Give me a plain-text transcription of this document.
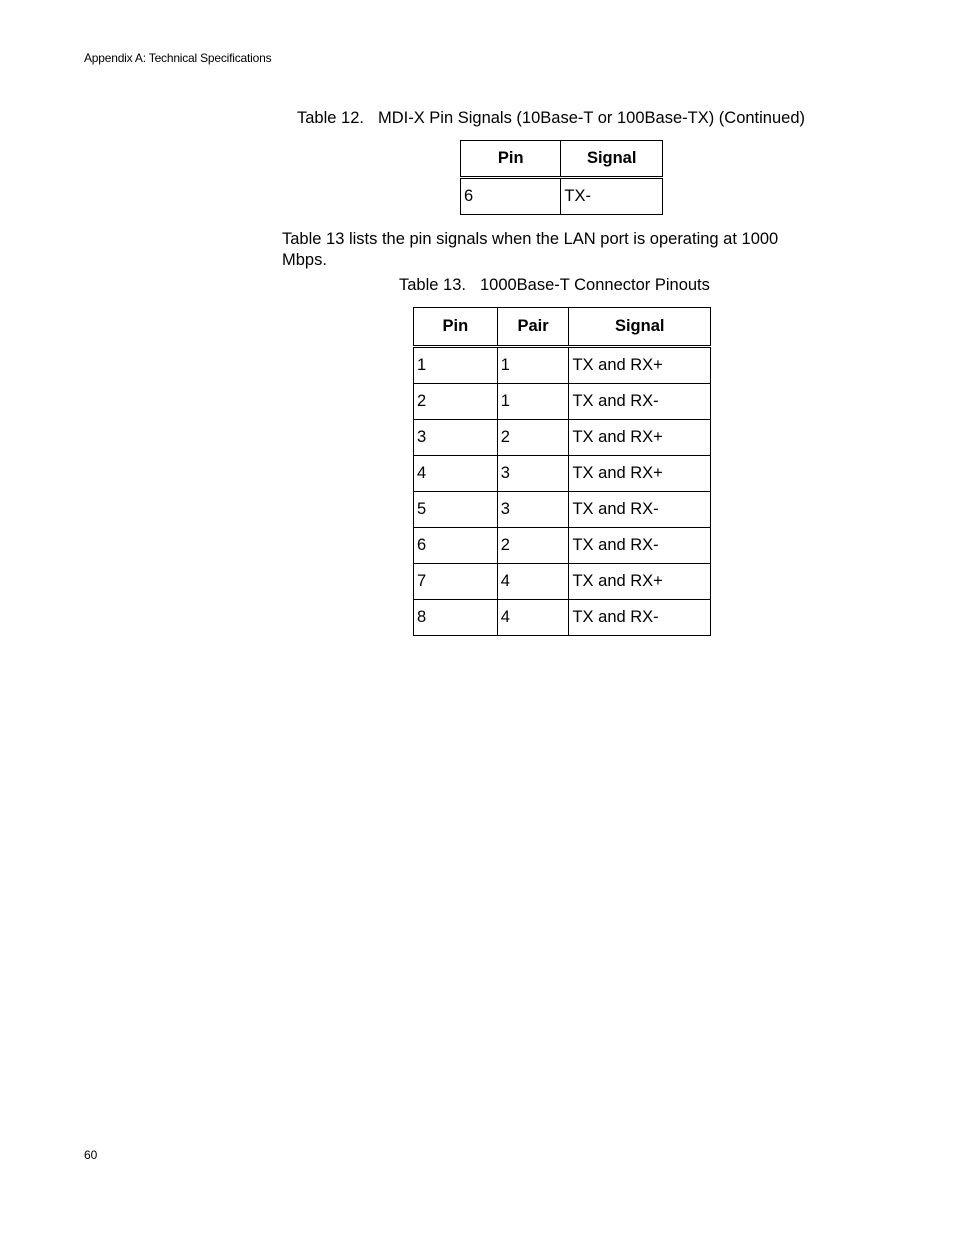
Appendix A: Technical Specifications
Table 12. MDI-X Pin Signals (10Base-T or 100Base-TX) (Continued)
Pin	Signal
6	TX-

Table 13 lists the pin signals when the LAN port is operating at 1000 Mbps.

Table 13. 1000Base-T Connector Pinouts
Pin	Pair	Signal
1	1	TX and RX+
2	1	TX and RX-
3	2	TX and RX+
4	3	TX and RX+
5	3	TX and RX-
6	2	TX and RX-
7	4	TX and RX+
8	4	TX and RX-
60
